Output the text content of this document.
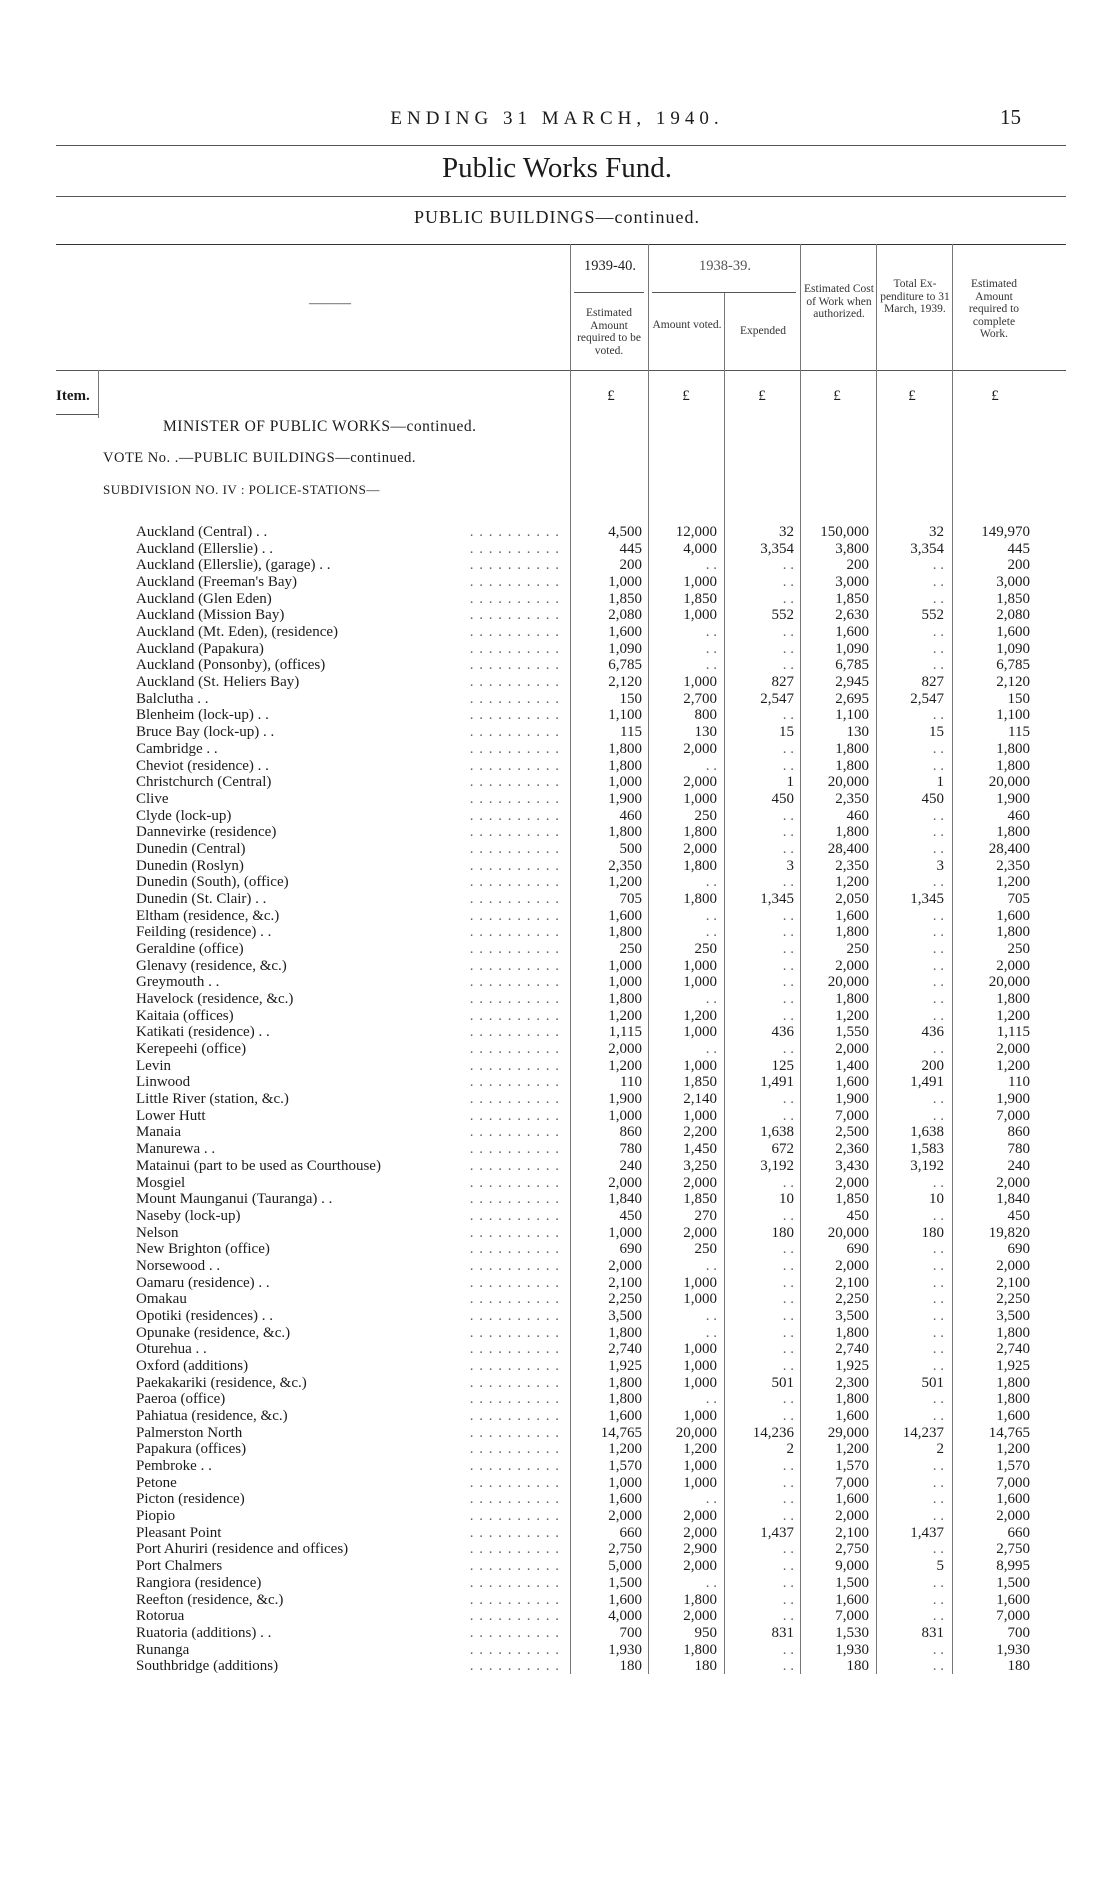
ENDING 31 MARCH, 1940.	15
Public Works Fund.
PUBLIC BUILDINGS—continued.
———
1939-40.	1938-39.
Estimated Amount required to be voted.
Amount voted.	Expended
Estimated Cost of Work when authorized.
Total Ex-penditure to 31 March, 1939.
Estimated Amount required to complete Work.
Item.	£	£	£	£	£	£
MINISTER OF PUBLIC WORKS—continued.
VOTE No. .—PUBLIC BUILDINGS—continued.
SUBDIVISION NO. IV : POLICE-STATIONS—
. . . . . . . . . .
Auckland (Central) . .	4,500	12,000	32	150,000	32	149,970
. . . . . . . . . .
Auckland (Ellerslie) . .	445	4,000	3,354	3,800	3,354	445
. . . . . . . . . .
Auckland (Ellerslie), (garage) . .	200	. .	. .	200	. .	200
. . . . . . . . . .
Auckland (Freeman's Bay)	1,000	1,000	. .	3,000	. .	3,000
. . . . . . . . . .
Auckland (Glen Eden)	1,850	1,850	. .	1,850	. .	1,850
. . . . . . . . . .
Auckland (Mission Bay)	2,080	1,000	552	2,630	552	2,080
. . . . . . . . . .
Auckland (Mt. Eden), (residence)	1,600	. .	. .	1,600	. .	1,600
. . . . . . . . . .
Auckland (Papakura)	1,090	. .	. .	1,090	. .	1,090
. . . . . . . . . .
Auckland (Ponsonby), (offices)	6,785	. .	. .	6,785	. .	6,785
. . . . . . . . . .
Auckland (St. Heliers Bay)	2,120	1,000	827	2,945	827	2,120
. . . . . . . . . .
Balclutha . .	150	2,700	2,547	2,695	2,547	150
. . . . . . . . . .
Blenheim (lock-up) . .	1,100	800	. .	1,100	. .	1,100
. . . . . . . . . .
Bruce Bay (lock-up) . .	115	130	15	130	15	115
. . . . . . . . . .
Cambridge . .	1,800	2,000	. .	1,800	. .	1,800
. . . . . . . . . .
Cheviot (residence) . .	1,800	. .	. .	1,800	. .	1,800
. . . . . . . . . .
Christchurch (Central)	1,000	2,000	1	20,000	1	20,000
. . . . . . . . . .
Clive	1,900	1,000	450	2,350	450	1,900
. . . . . . . . . .
Clyde (lock-up)	460	250	. .	460	. .	460
. . . . . . . . . .
Dannevirke (residence)	1,800	1,800	. .	1,800	. .	1,800
. . . . . . . . . .
Dunedin (Central)	500	2,000	. .	28,400	. .	28,400
. . . . . . . . . .
Dunedin (Roslyn)	2,350	1,800	3	2,350	3	2,350
. . . . . . . . . .
Dunedin (South), (office)	1,200	. .	. .	1,200	. .	1,200
. . . . . . . . . .
Dunedin (St. Clair) . .	705	1,800	1,345	2,050	1,345	705
. . . . . . . . . .
Eltham (residence, &c.)	1,600	. .	. .	1,600	. .	1,600
. . . . . . . . . .
Feilding (residence) . .	1,800	. .	. .	1,800	. .	1,800
. . . . . . . . . .
Geraldine (office)	250	250	. .	250	. .	250
. . . . . . . . . .
Glenavy (residence, &c.)	1,000	1,000	. .	2,000	. .	2,000
. . . . . . . . . .
Greymouth . .	1,000	1,000	. .	20,000	. .	20,000
. . . . . . . . . .
Havelock (residence, &c.)	1,800	. .	. .	1,800	. .	1,800
. . . . . . . . . .
Kaitaia (offices)	1,200	1,200	. .	1,200	. .	1,200
. . . . . . . . . .
Katikati (residence) . .	1,115	1,000	436	1,550	436	1,115
. . . . . . . . . .
Kerepeehi (office)	2,000	. .	. .	2,000	. .	2,000
. . . . . . . . . .
Levin	1,200	1,000	125	1,400	200	1,200
. . . . . . . . . .
Linwood	110	1,850	1,491	1,600	1,491	110
. . . . . . . . . .
Little River (station, &c.)	1,900	2,140	. .	1,900	. .	1,900
. . . . . . . . . .
Lower Hutt	1,000	1,000	. .	7,000	. .	7,000
. . . . . . . . . .
Manaia	860	2,200	1,638	2,500	1,638	860
. . . . . . . . . .
Manurewa . .	780	1,450	672	2,360	1,583	780
. . . . . . . . . .
Matainui (part to be used as Courthouse)	240	3,250	3,192	3,430	3,192	240
. . . . . . . . . .
Mosgiel	2,000	2,000	. .	2,000	. .	2,000
. . . . . . . . . .
Mount Maunganui (Tauranga) . .	1,840	1,850	10	1,850	10	1,840
. . . . . . . . . .
Naseby (lock-up)	450	270	. .	450	. .	450
. . . . . . . . . .
Nelson	1,000	2,000	180	20,000	180	19,820
. . . . . . . . . .
New Brighton (office)	690	250	. .	690	. .	690
. . . . . . . . . .
Norsewood . .	2,000	. .	. .	2,000	. .	2,000
. . . . . . . . . .
Oamaru (residence) . .	2,100	1,000	. .	2,100	. .	2,100
. . . . . . . . . .
Omakau	2,250	1,000	. .	2,250	. .	2,250
. . . . . . . . . .
Opotiki (residences) . .	3,500	. .	. .	3,500	. .	3,500
. . . . . . . . . .
Opunake (residence, &c.)	1,800	. .	. .	1,800	. .	1,800
. . . . . . . . . .
Oturehua . .	2,740	1,000	. .	2,740	. .	2,740
. . . . . . . . . .
Oxford (additions)	1,925	1,000	. .	1,925	. .	1,925
. . . . . . . . . .
Paekakariki (residence, &c.)	1,800	1,000	501	2,300	501	1,800
. . . . . . . . . .
Paeroa (office)	1,800	. .	. .	1,800	. .	1,800
. . . . . . . . . .
Pahiatua (residence, &c.)	1,600	1,000	. .	1,600	. .	1,600
. . . . . . . . . .
Palmerston North	14,765	20,000	14,236	29,000	14,237	14,765
. . . . . . . . . .
Papakura (offices)	1,200	1,200	2	1,200	2	1,200
. . . . . . . . . .
Pembroke . .	1,570	1,000	. .	1,570	. .	1,570
. . . . . . . . . .
Petone	1,000	1,000	. .	7,000	. .	7,000
. . . . . . . . . .
Picton (residence)	1,600	. .	. .	1,600	. .	1,600
. . . . . . . . . .
Piopio	2,000	2,000	. .	2,000	. .	2,000
. . . . . . . . . .
Pleasant Point	660	2,000	1,437	2,100	1,437	660
. . . . . . . . . .
Port Ahuriri (residence and offices)	2,750	2,900	. .	2,750	. .	2,750
. . . . . . . . . .
Port Chalmers	5,000	2,000	. .	9,000	5	8,995
. . . . . . . . . .
Rangiora (residence)	1,500	. .	. .	1,500	. .	1,500
. . . . . . . . . .
Reefton (residence, &c.)	1,600	1,800	. .	1,600	. .	1,600
. . . . . . . . . .
Rotorua	4,000	2,000	. .	7,000	. .	7,000
. . . . . . . . . .
Ruatoria (additions) . .	700	950	831	1,530	831	700
. . . . . . . . . .
Runanga	1,930	1,800	. .	1,930	. .	1,930
. . . . . . . . . .
Southbridge (additions)	180	180	. .	180	. .	180
